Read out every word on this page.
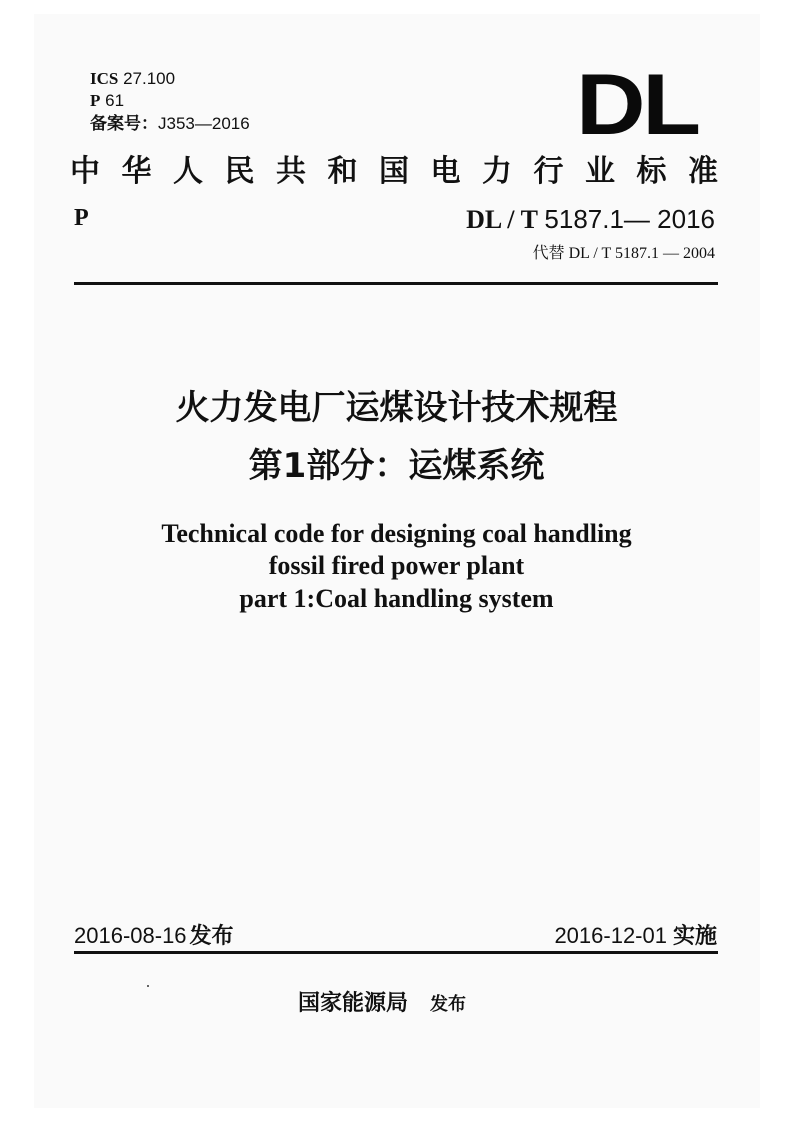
ICS 27.100
P 61
备案号：J353—2016	DL
中 华 人 民 共 和 国 电 力 行 业 标 准
P	DL / T 5187.1— 2016
代替 DL / T 5187.1 — 2004
火力发电厂运煤设计技术规程
第1部分：运煤系统
Technical code for designing coal handling
fossil fired power plant
part 1:Coal handling system
2016-08-16 发布	2016-12-01 实施
国家能源局 发布
